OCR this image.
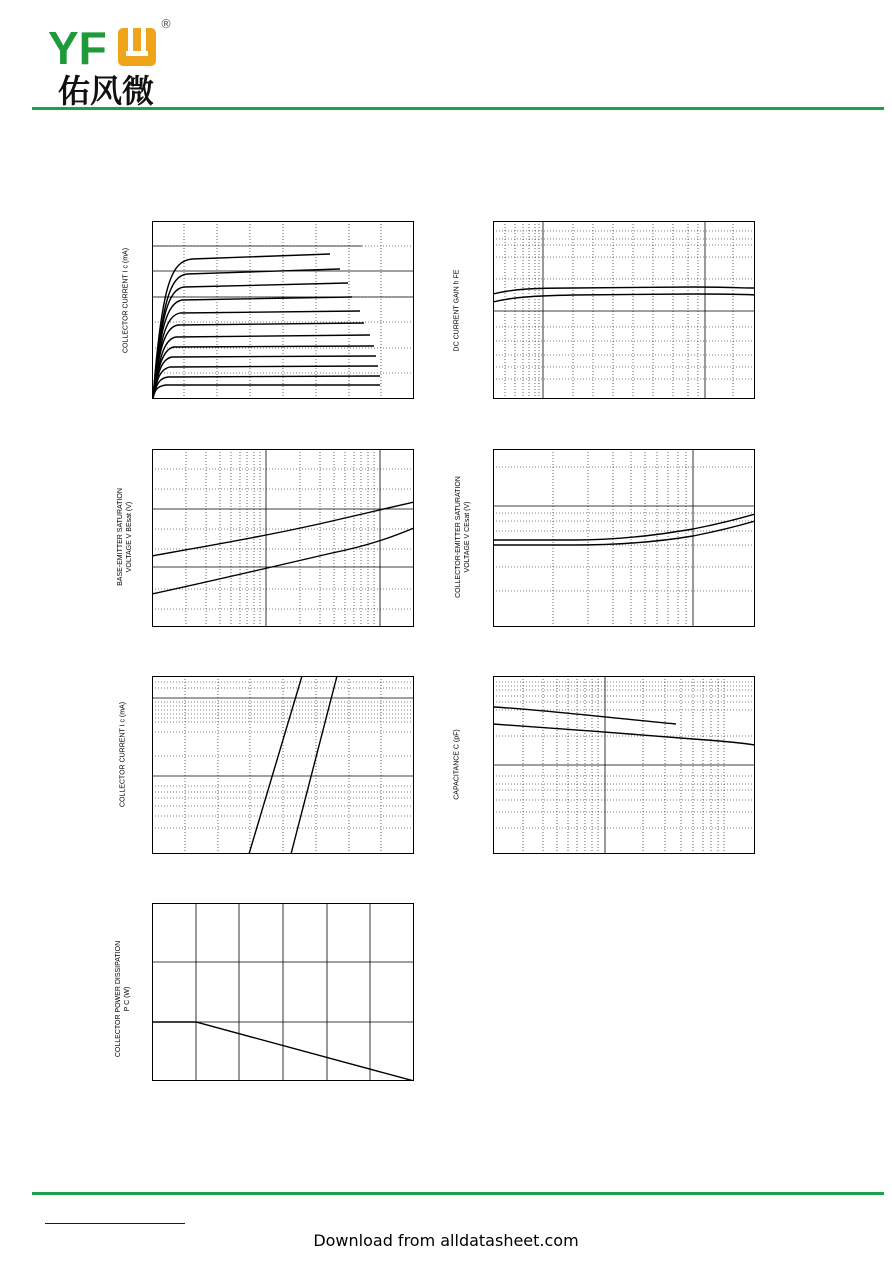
YF	®
佑风微
COLLECTOR CURRENT I c (mA)	DC CURRENT GAIN h FE
BASE-EMITTER SATURATION VOLTAGE V BEsat (V)	COLLECTOR-EMITTER SATURATION VOLTAGE V CEsat (V)
COLLECTOR CURRENT I c (mA)	CAPACITANCE C (pF)
COLLECTOR POWER DISSIPATION P C (W)
Download from alldatasheet.com
